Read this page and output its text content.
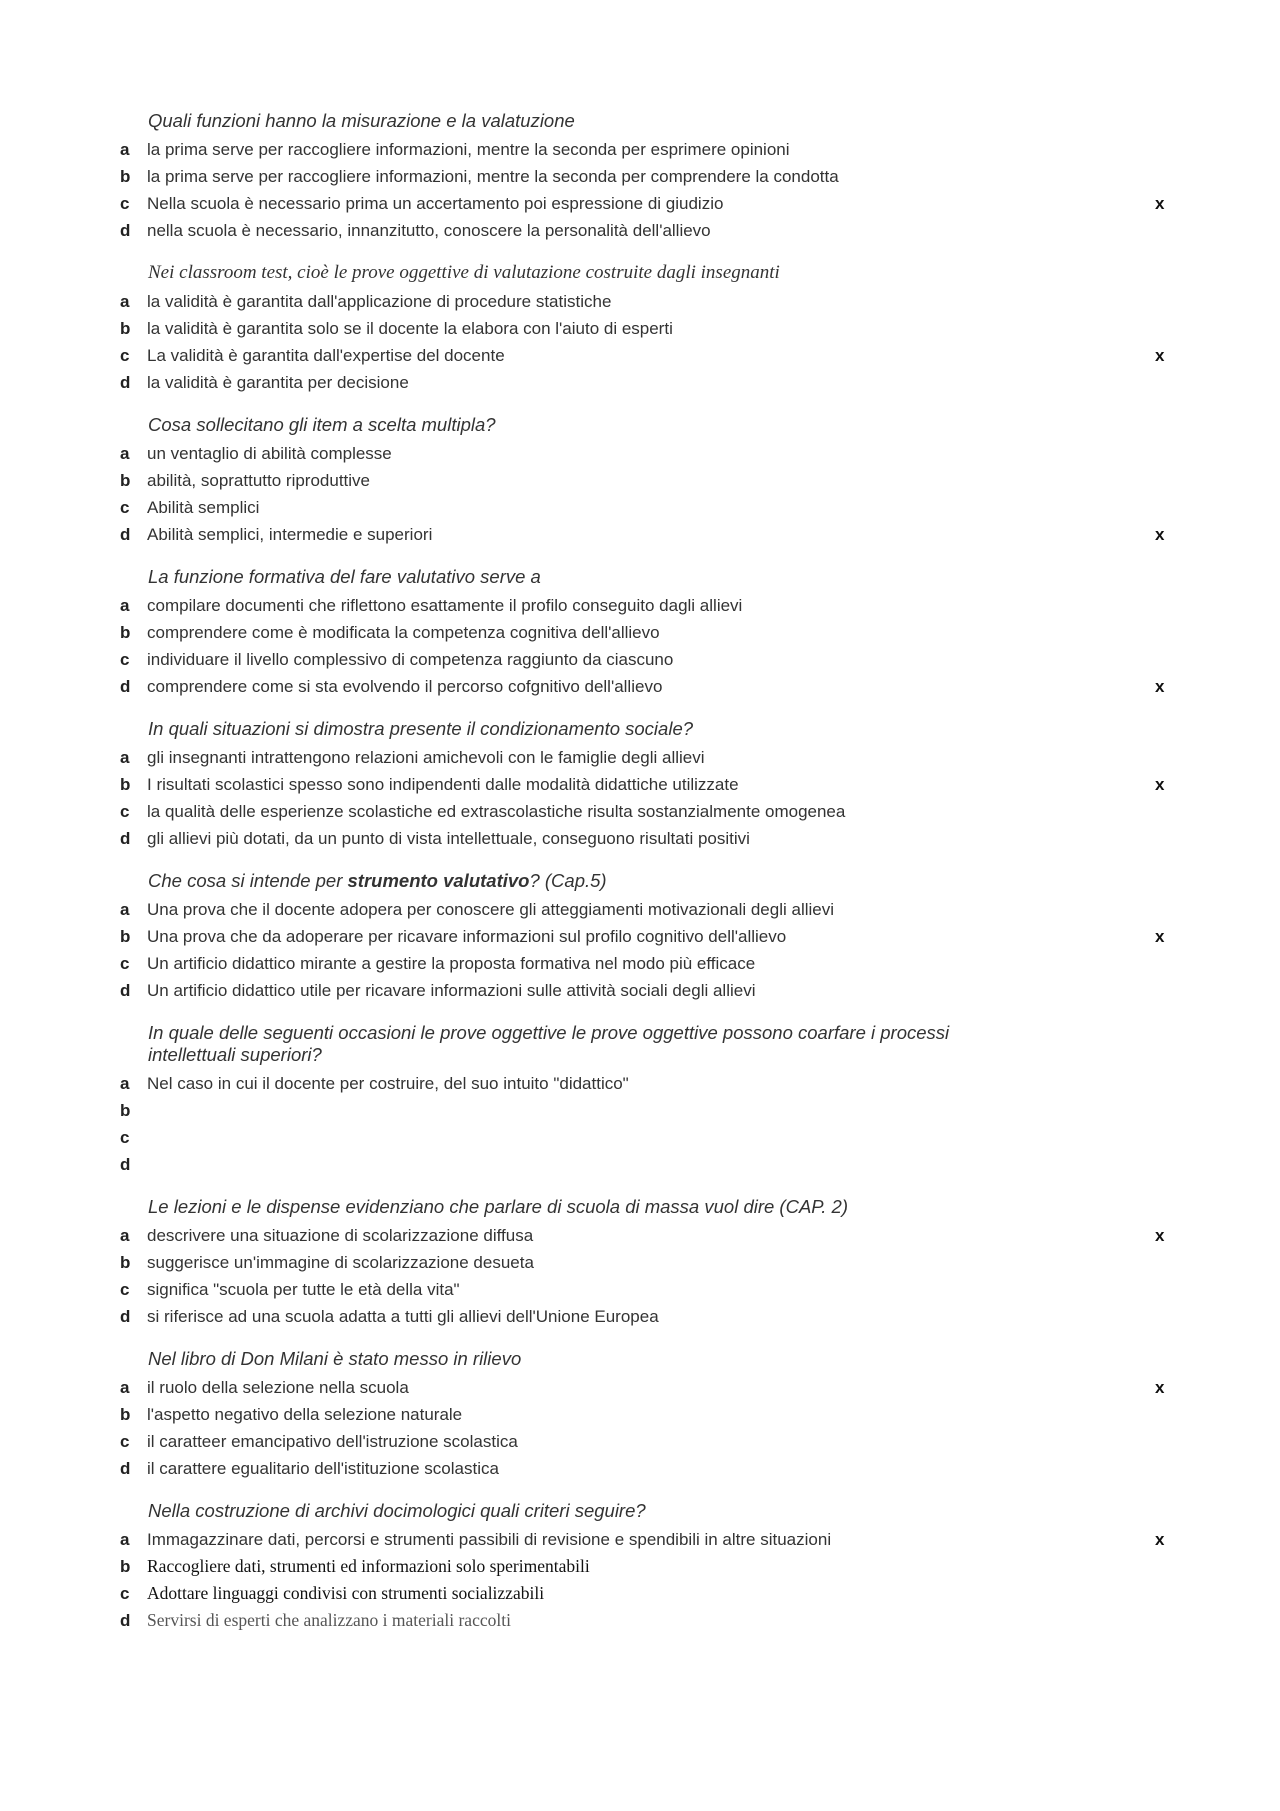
Quali funzioni hanno la misurazione e la valatuzione
a	la prima serve per raccogliere informazioni, mentre la seconda per esprimere opinioni
b la prima serve per raccogliere informazioni, mentre la seconda per comprendere la condotta
c	Nella scuola è necessario prima un accertamento poi espressione di giudizio	x
d nella scuola è necessario, innanzitutto, conoscere la personalità dell'allievo
Nei classroom test, cioè le prove oggettive di valutazione costruite dagli insegnanti
a	la validità è garantita dall'applicazione di procedure statistiche
b la validità è garantita solo se il docente la elabora con l'aiuto di esperti
c	La validità è garantita dall'expertise del docente	x
d la validità è garantita per decisione
Cosa sollecitano gli item a scelta multipla?
a	un ventaglio di abilità complesse
b abilità, soprattutto riproduttive
c	Abilità semplici
d Abilità semplici, intermedie e superiori	x
La funzione formativa del fare valutativo serve a
a	compilare documenti che riflettono esattamente il profilo conseguito dagli allievi
b comprendere come è modificata la competenza cognitiva dell'allievo
c	individuare il livello complessivo di competenza raggiunto da ciascuno
d comprendere come si sta evolvendo il percorso cofgnitivo dell'allievo	x
In quali situazioni si dimostra presente il condizionamento sociale?
a	gli insegnanti intrattengono relazioni amichevoli con le famiglie degli allievi
b I risultati scolastici spesso sono indipendenti dalle modalità didattiche utilizzate	x
c	la qualità delle esperienze scolastiche ed extrascolastiche risulta sostanzialmente omogenea
d gli allievi più dotati, da un punto di vista intellettuale, conseguono risultati positivi
Che cosa si intende per strumento valutativo? (Cap.5)
a	Una prova che il docente adopera per conoscere gli atteggiamenti motivazionali degli allievi
b Una prova che da adoperare per ricavare informazioni sul profilo cognitivo dell'allievo	x
c	Un artificio didattico mirante a gestire la proposta formativa nel modo più efficace
d Un artificio didattico utile per ricavare informazioni sulle attività sociali degli allievi
In quale delle seguenti occasioni le prove oggettive le prove oggettive possono coarfare i processi intellettuali superiori?
a	Nel caso in cui il docente per costruire, del suo intuito "didattico"
b
c
d
Le lezioni e le dispense evidenziano che parlare di scuola di massa vuol dire (CAP. 2)
a	descrivere una situazione di scolarizzazione diffusa	x
b suggerisce un'immagine di scolarizzazione desueta
c	significa "scuola per tutte le età della vita"
d si riferisce ad una scuola adatta a tutti gli allievi dell'Unione Europea
Nel libro di Don Milani è stato messo in rilievo
a	il ruolo della selezione nella scuola	x
b l'aspetto negativo della selezione naturale
c	il caratteer emancipativo dell'istruzione scolastica
d il carattere egualitario dell'istituzione scolastica
Nella costruzione di archivi docimologici quali criteri seguire?
a	Immagazzinare dati, percorsi e strumenti passibili di revisione e spendibili in altre situazioni	x
b Raccogliere dati, strumenti ed informazioni solo sperimentabili
c	Adottare linguaggi condivisi con strumenti socializzabili
d Servirsi di esperti che analizzano i materiali raccolti
